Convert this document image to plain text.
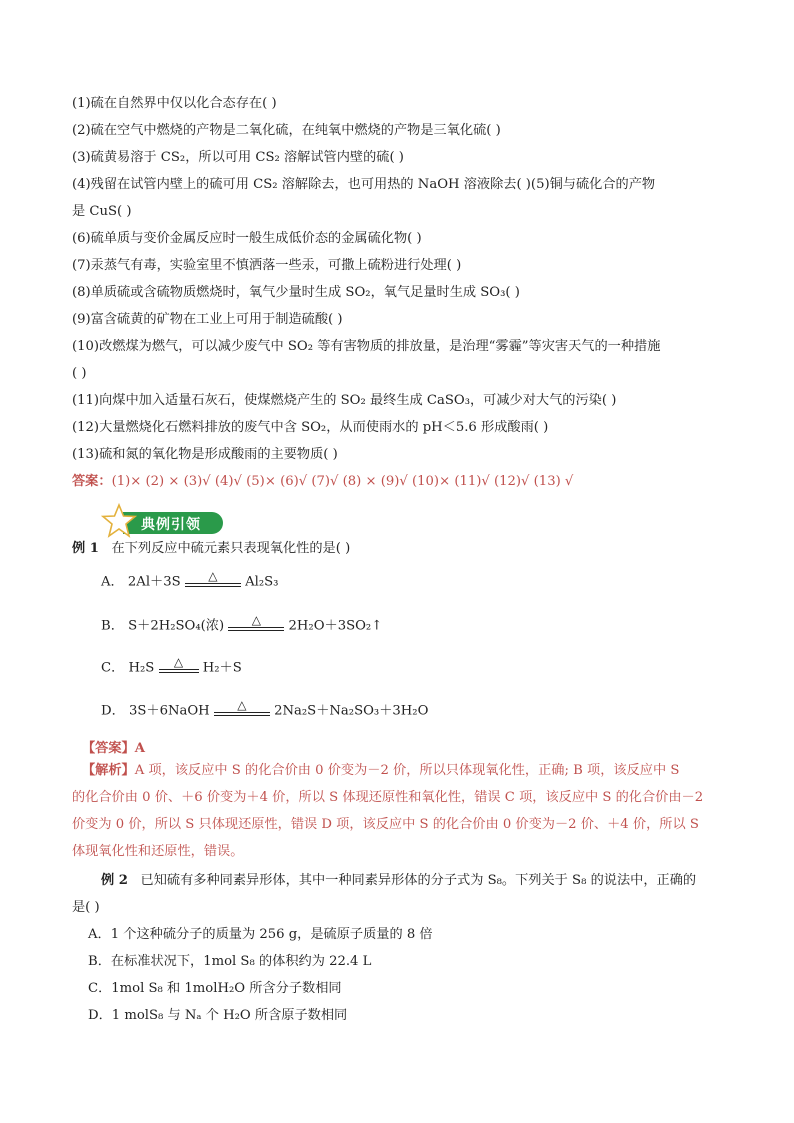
(1)硫在自然界中仅以化合态存在( )
(2)硫在空气中燃烧的产物是二氧化硫，在纯氧中燃烧的产物是三氧化硫( )
(3)硫黄易溶于 CS₂，所以可用 CS₂ 溶解试管内壁的硫( )
(4)残留在试管内壁上的硫可用 CS₂ 溶解除去，也可用热的 NaOH 溶液除去( )(5)铜与硫化合的产物
是 CuS( )
(6)硫单质与变价金属反应时一般生成低价态的金属硫化物( )
(7)汞蒸气有毒，实验室里不慎洒落一些汞，可撒上硫粉进行处理( )
(8)单质硫或含硫物质燃烧时，氧气少量时生成 SO₂，氧气足量时生成 SO₃( )
(9)富含硫黄的矿物在工业上可用于制造硫酸( )
(10)改燃煤为燃气，可以减少废气中 SO₂ 等有害物质的排放量，是治理“雾霾”等灾害天气的一种措施
( )
(11)向煤中加入适量石灰石，使煤燃烧产生的 SO₂ 最终生成 CaSO₃，可减少对大气的污染( )
(12)大量燃烧化石燃料排放的废气中含 SO₂，从而使雨水的 pH＜5.6 形成酸雨( )
(13)硫和氮的氧化物是形成酸雨的主要物质( )
答案：(1)× (2) × (3)√ (4)√ (5)× (6)√ (7)√ (8) × (9)√ (10)× (11)√ (12)√ (13) √
典例引领
例 1 在下列反应中硫元素只表现氧化性的是( )
A． 2Al＋3S	△	Al₂S₃
B． S＋2H₂SO₄(浓)	△	2H₂O＋3SO₂↑
C． H₂S	△	H₂＋S
D． 3S＋6NaOH	△	2Na₂S＋Na₂SO₃＋3H₂O
【答案】A
【解析】A 项，该反应中 S 的化合价由 0 价变为－2 价，所以只体现氧化性，正确; B 项，该反应中 S
的化合价由 0 价、＋6 价变为＋4 价，所以 S 体现还原性和氧化性，错误 C 项，该反应中 S 的化合价由－2
价变为 0 价，所以 S 只体现还原性，错误 D 项，该反应中 S 的化合价由 0 价变为－2 价、＋4 价，所以 S
体现氧化性和还原性，错误。
例 2 已知硫有多种同素异形体，其中一种同素异形体的分子式为 S₈。下列关于 S₈ 的说法中，正确的
是( )
A．1 个这种硫分子的质量为 256 g，是硫原子质量的 8 倍
B．在标准状况下，1mol S₈ 的体积约为 22.4 L
C．1mol S₈ 和 1molH₂O 所含分子数相同
D．1 molS₈ 与 Nₐ 个 H₂O 所含原子数相同
